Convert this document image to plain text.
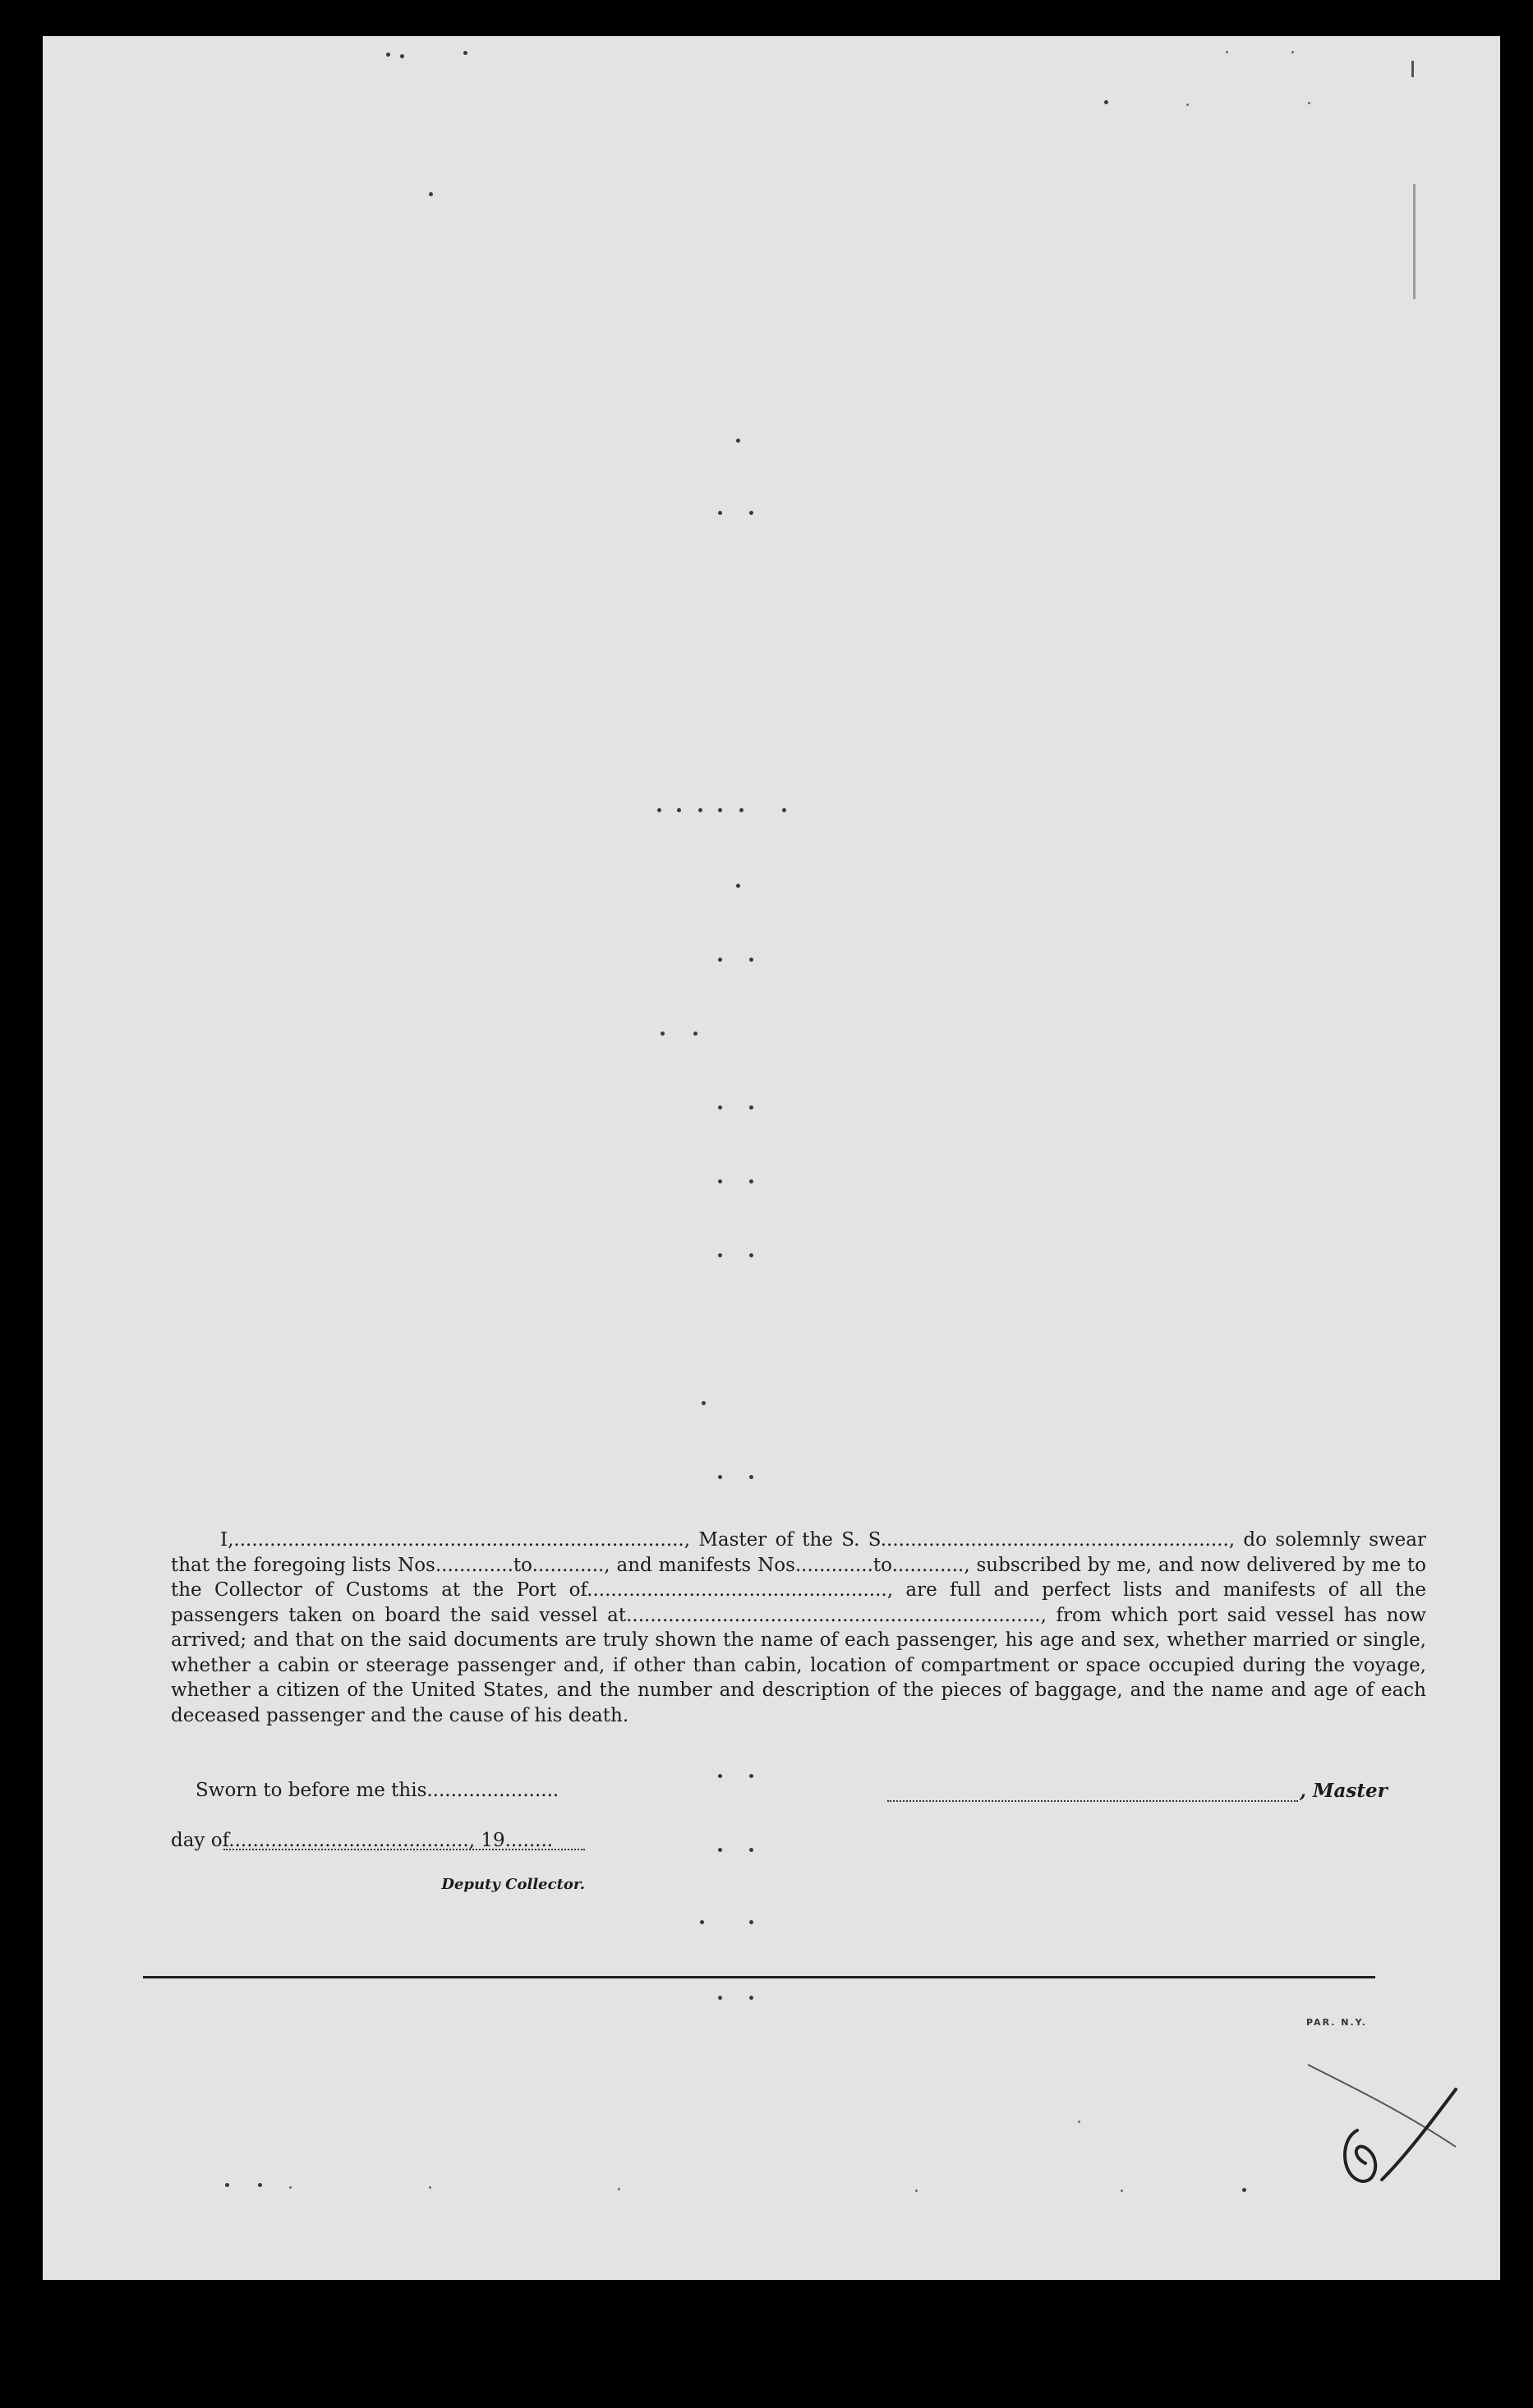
I,..........................................................................., Master of the S. S.........................................................., do solemnly swear that the foregoing lists Nos.............to............, and manifests Nos.............to............, subscribed by me, and now delivered by me to the Collector of Customs at the Port of.................................................., are full and perfect lists and manifests of all the passengers taken on board the said vessel at....................................................................., from which port said vessel has now arrived; and that on the said documents are truly shown the name of each passenger, his age and sex, whether married or single, whether a cabin or steerage passenger and, if other than cabin, location of compartment or space occupied during the voyage, whether a citizen of the United States, and the number and description of the pieces of baggage, and the name and age of each deceased passenger and the cause of his death.
Sworn to before me this......................
day of........................................, 19........
Deputy Collector.
, Master
PAR. N.Y.
